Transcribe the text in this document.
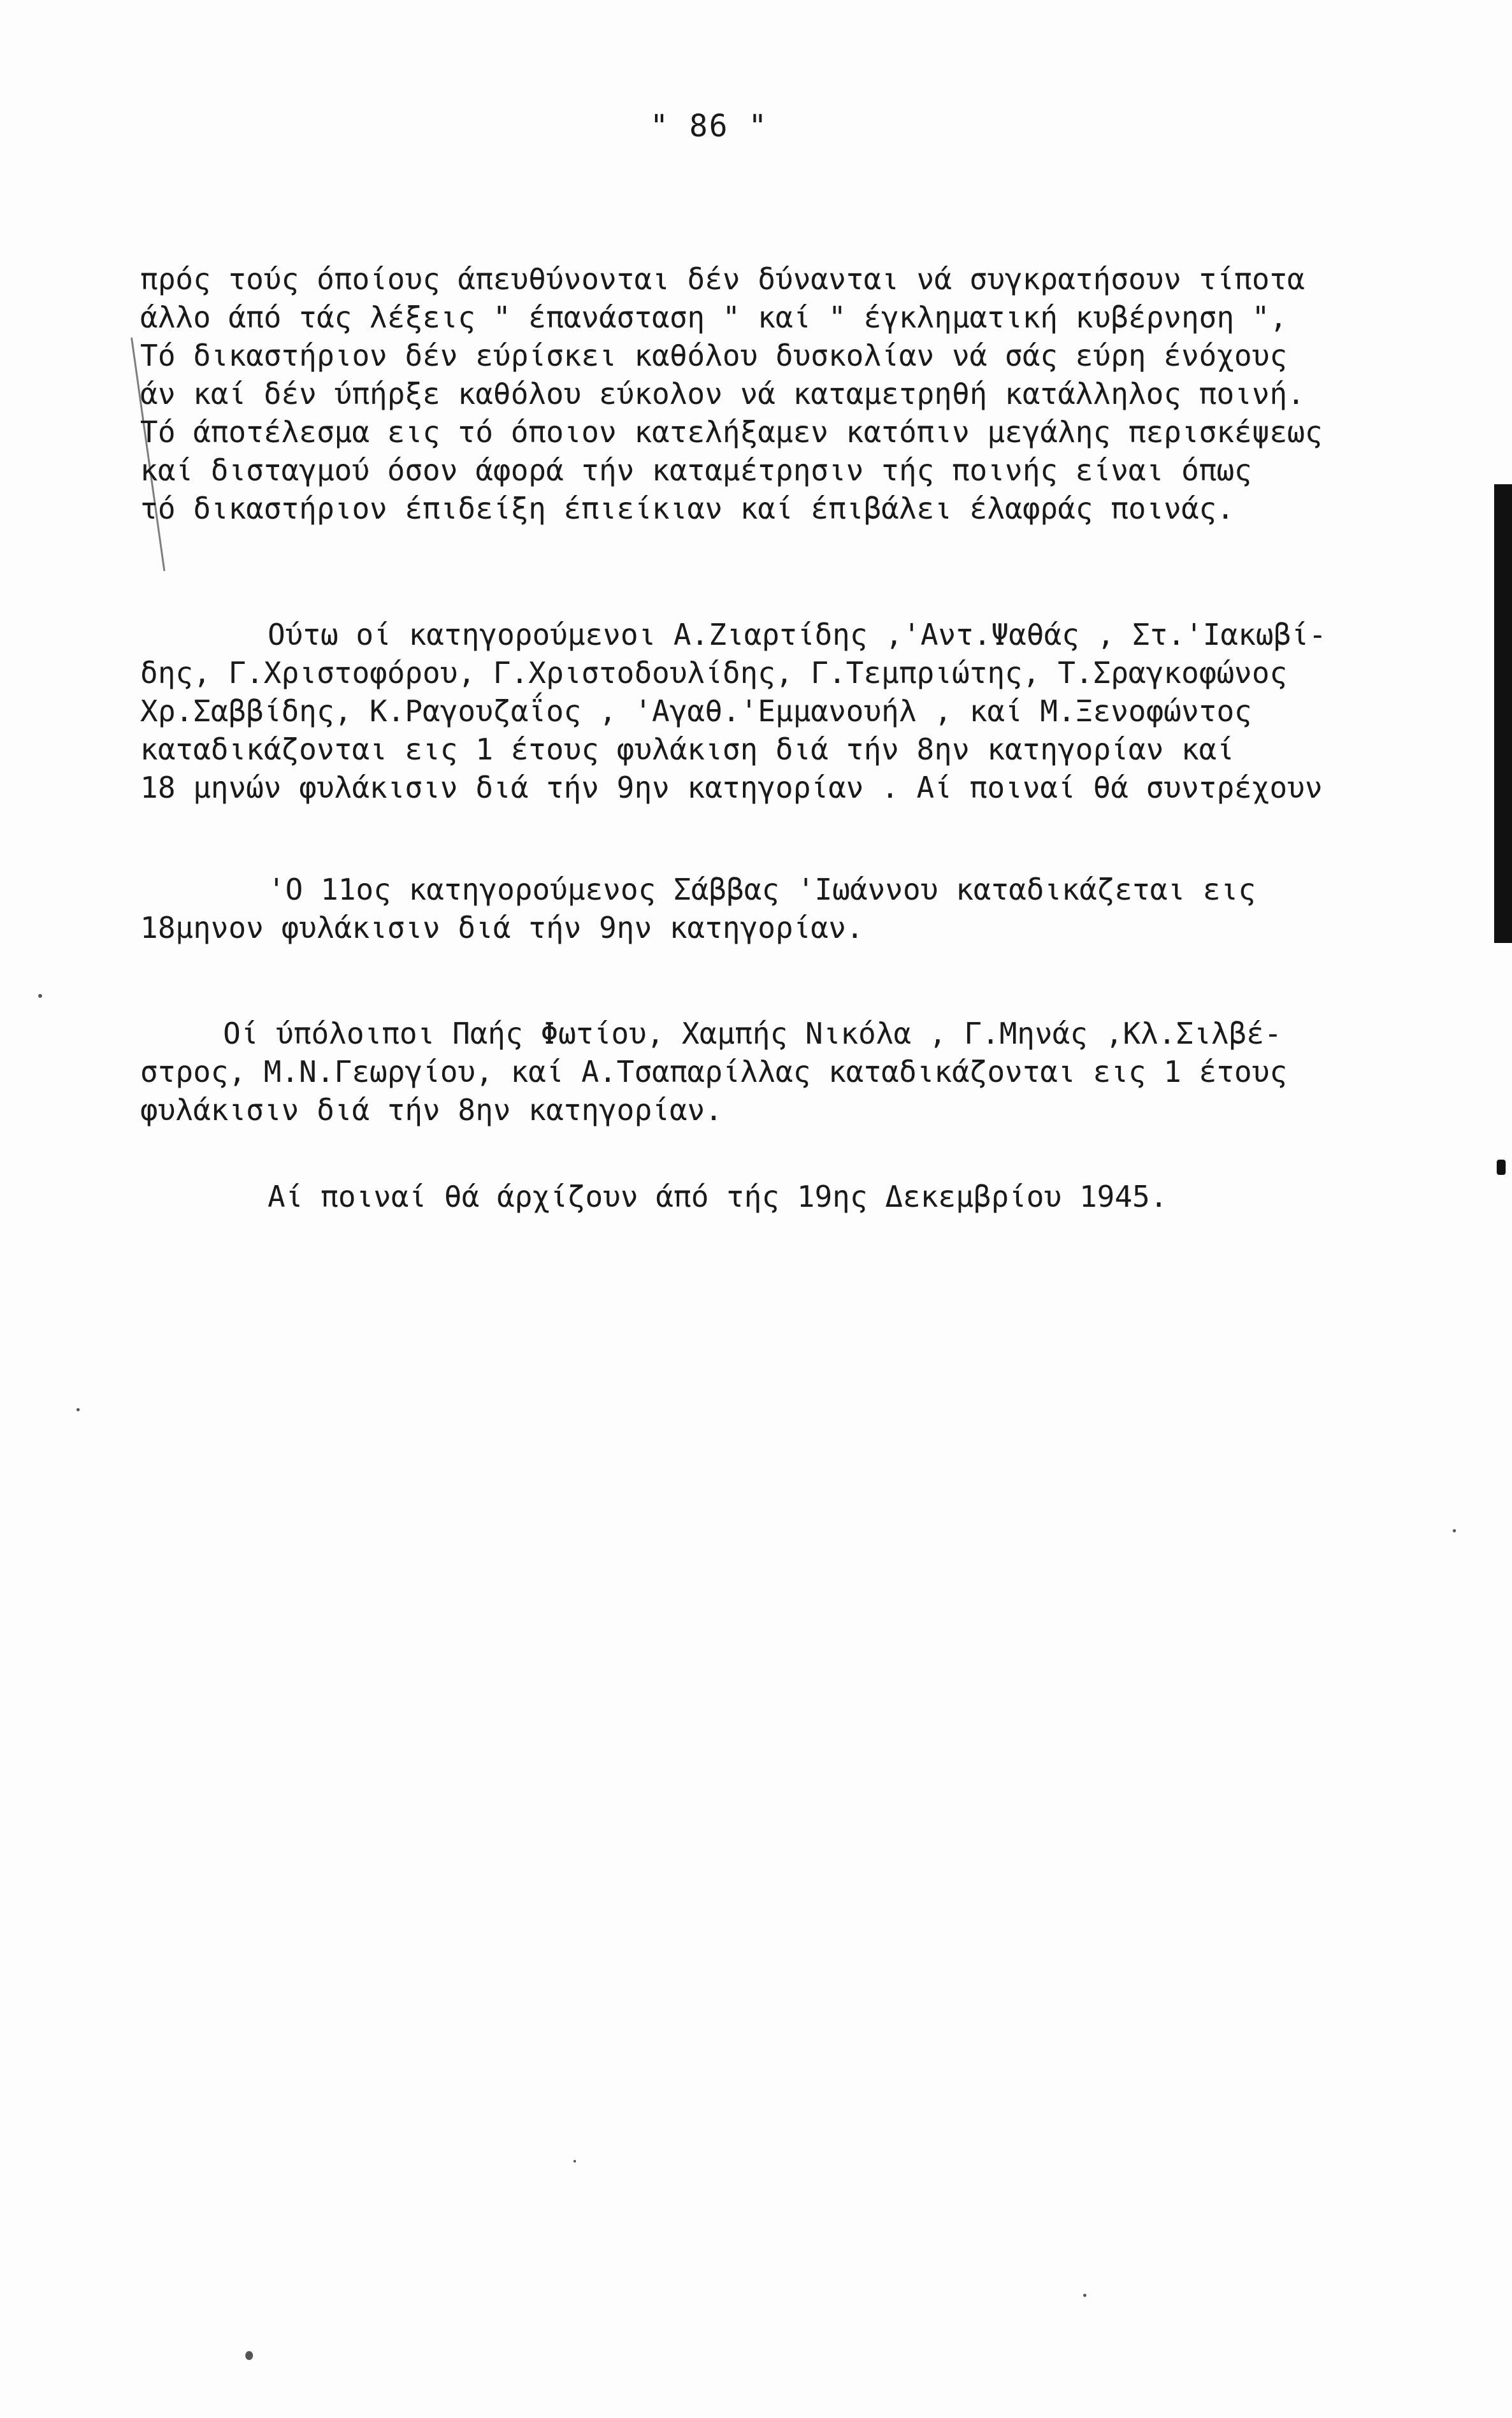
" 86 "
πρός τούς όποίους άπευθύνονται δέν δύνανται νά συγκρατήσουν τίποτα
άλλο άπό τάς λέξεις " έπανάσταση " καί " έγκληματική κυβέρνηση ",
Τό δικαστήριον δέν εύρίσκει καθόλου δυσκολίαν νά σάς εύρη ένόχους
άν καί δέν ύπήρξε καθόλου εύκολον νά καταμετρηθή κατάλληλος ποινή.
Τό άποτέλεσμα εις τό όποιον κατελήξαμεν κατόπιν μεγάλης περισκέψεως
καί δισταγμού όσον άφορά τήν καταμέτρησιν τής ποινής είναι όπως
τό δικαστήριον έπιδείξη έπιείκιαν καί έπιβάλει έλαφράς ποινάς.
Ούτω οί κατηγορούμενοι Α.Ζιαρτίδης ,'Αντ.Ψαθάς , Στ.'Ιακωβί-
δης, Γ.Χριστοφόρου, Γ.Χριστοδουλίδης, Γ.Τεμπριώτης, Τ.Σραγκοφώνος
Χρ.Σαββίδης, Κ.Ραγουζαΐος , 'Αγαθ.'Εμμανουήλ , καί Μ.Ξενοφώντος
καταδικάζονται εις 1 έτους φυλάκιση διά τήν 8ην κατηγορίαν καί
18 μηνών φυλάκισιν διά τήν 9ην κατηγορίαν . Αί ποιναί θά συντρέχουν
'Ο 11ος κατηγορούμενος Σάββας 'Ιωάννου καταδικάζεται εις
18μηνον φυλάκισιν διά τήν 9ην κατηγορίαν.
Οί ύπόλοιποι Παής Φωτίου, Χαμπής Νικόλα , Γ.Μηνάς ,Κλ.Σιλβέ-
στρος, Μ.Ν.Γεωργίου, καί Α.Τσαπαρίλλας καταδικάζονται εις 1 έτους
φυλάκισιν διά τήν 8ην κατηγορίαν.
Αί ποιναί θά άρχίζουν άπό τής 19ης Δεκεμβρίου 1945.
